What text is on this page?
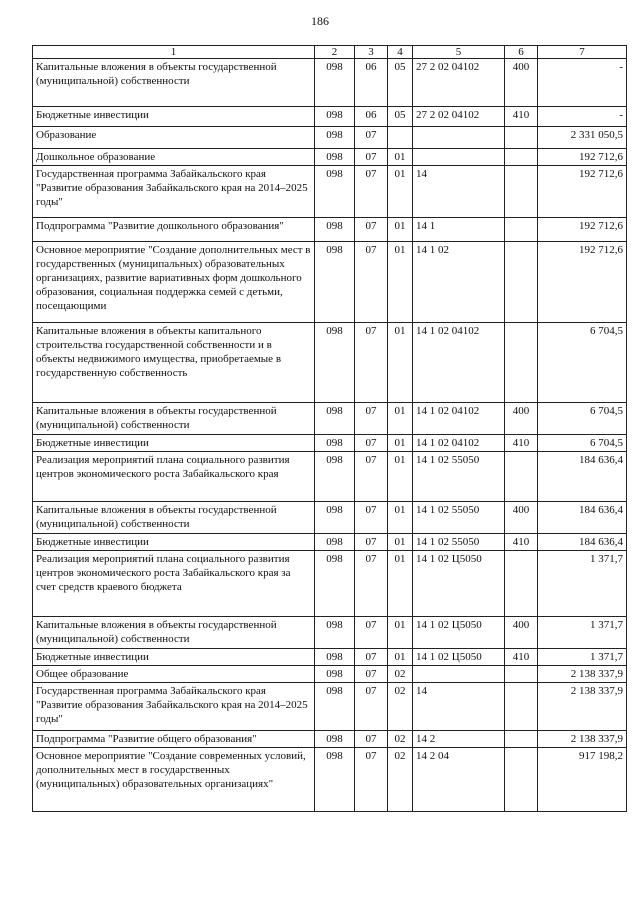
186
1	2	3	4	5	6	7
Капитальные вложения в объекты государственной (муниципальной) собственности	098	06	05	27 2 02 04102	400	-
Бюджетные инвестиции	098	06	05	27 2 02 04102	410	-
Образование	098	07				2 331 050,5
Дошкольное образование	098	07	01			192 712,6
Государственная программа Забайкальского края "Развитие образования Забайкальского края на 2014–2025 годы"	098	07	01	14		192 712,6
Подпрограмма "Развитие дошкольного образования"	098	07	01	14 1		192 712,6
Основное мероприятие "Создание дополнительных мест в государственных (муниципальных) образовательных организациях, развитие вариативных форм дошкольного образования, социальная поддержка семей с детьми, посещающими	098	07	01	14 1 02		192 712,6
Капитальные вложения в объекты капитального строительства государственной собственности и в объекты недвижимого имущества, приобретаемые в государственную собственность	098	07	01	14 1 02 04102		6 704,5
Капитальные вложения в объекты государственной (муниципальной) собственности	098	07	01	14 1 02 04102	400	6 704,5
Бюджетные инвестиции	098	07	01	14 1 02 04102	410	6 704,5
Реализация мероприятий плана социального развития центров экономического роста Забайкальского края	098	07	01	14 1 02 55050		184 636,4
Капитальные вложения в объекты государственной (муниципальной) собственности	098	07	01	14 1 02 55050	400	184 636,4
Бюджетные инвестиции	098	07	01	14 1 02 55050	410	184 636,4
Реализация мероприятий плана социального развития центров экономического роста Забайкальского края за счет средств краевого бюджета	098	07	01	14 1 02 Ц5050		1 371,7
Капитальные вложения в объекты государственной (муниципальной) собственности	098	07	01	14 1 02 Ц5050	400	1 371,7
Бюджетные инвестиции	098	07	01	14 1 02 Ц5050	410	1 371,7
Общее образование	098	07	02			2 138 337,9
Государственная программа Забайкальского края "Развитие образования Забайкальского края на 2014–2025 годы"	098	07	02	14		2 138 337,9
Подпрограмма "Развитие общего образования"	098	07	02	14 2		2 138 337,9
Основное мероприятие "Создание современных условий, дополнительных мест в государственных (муниципальных) образовательных организациях"	098	07	02	14 2 04		917 198,2
